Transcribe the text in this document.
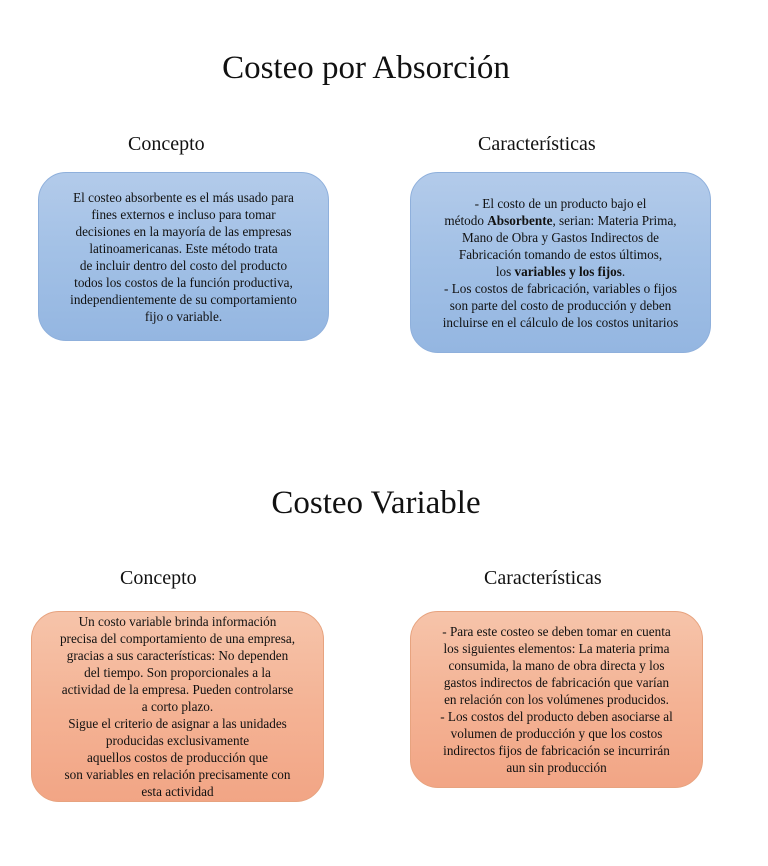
Costeo por Absorción
Concepto	Características
El costeo absorbente es el más usado para
fines externos e incluso para tomar
decisiones en la mayoría de las empresas
latinoamericanas. Este método trata
de incluir dentro del costo del producto
todos los costos de la función productiva,
independientemente de su comportamiento
fijo o variable.
- El costo de un producto bajo el
método Absorbente, serian: Materia Prima,
Mano de Obra y Gastos Indirectos de
Fabricación tomando de estos últimos,
los variables y los fijos.
- Los costos de fabricación, variables o fijos
son parte del costo de producción y deben
incluirse en el cálculo de los costos unitarios
Costeo Variable
Concepto	Características
Un costo variable brinda información
precisa del comportamiento de una empresa,
gracias a sus características: No dependen
del tiempo. Son proporcionales a la
actividad de la empresa. Pueden controlarse
a corto plazo.
Sigue el criterio de asignar a las unidades
producidas exclusivamente
aquellos costos de producción que
son variables en relación precisamente con
esta actividad
- Para este costeo se deben tomar en cuenta
los siguientes elementos: La materia prima
consumida, la mano de obra directa y los
gastos indirectos de fabricación que varían
en relación con los volúmenes producidos.
- Los costos del producto deben asociarse al
volumen de producción y que los costos
indirectos fijos de fabricación se incurrirán
aun sin producción
